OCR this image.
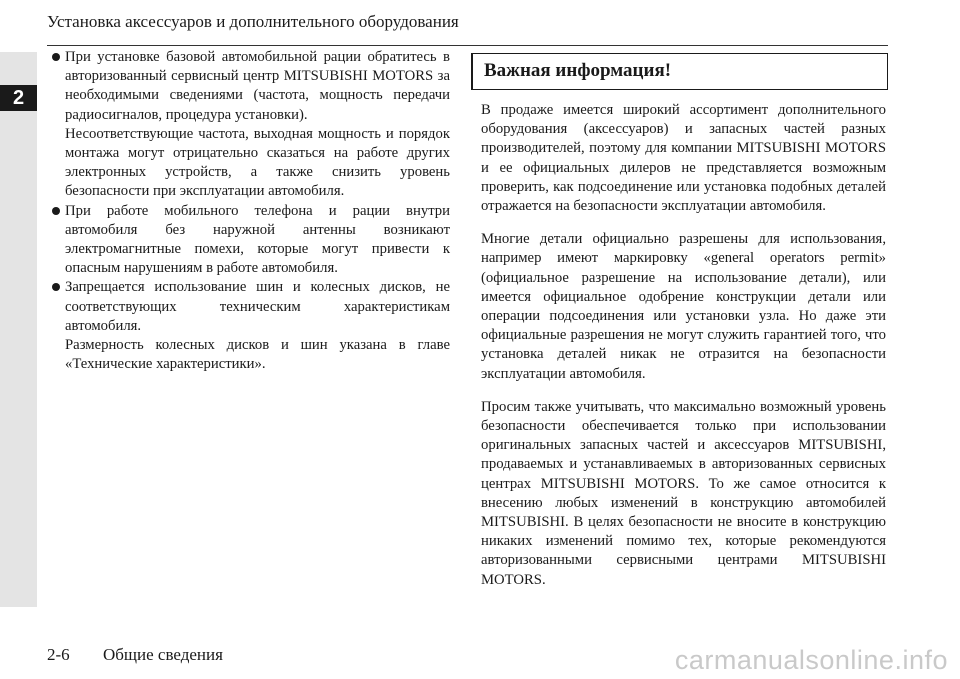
2
Установка аксессуаров и дополнительного оборудования

При установке базовой автомобильной рации обратитесь в авторизованный сервисный центр MITSUBISHI MOTORS за необходимыми сведениями (частота, мощность передачи радиосигналов, процедура установки).

Несоответствующие частота, выходная мощность и порядок монтажа могут отрицательно сказаться на работе других электронных устройств, а также снизить уровень безопасности при эксплуатации автомобиля.

При работе мобильного телефона и рации внутри автомобиля без наружной антенны возникают электромагнитные помехи, которые могут привести к опасным нарушениям в работе автомобиля.

Запрещается использование шин и колесных дисков, не соответствующих техническим характеристикам автомобиля.

Размерность колесных дисков и шин указана в главе «Технические характеристики».

Важная информация!

В продаже имеется широкий ассортимент дополнительного оборудования (аксессуаров) и запасных частей разных производителей, поэтому для компании MITSUBISHI MOTORS и ее официальных дилеров не представляется возможным проверить, как подсоединение или установка подобных деталей отражается на безопасности эксплуатации автомобиля.

Многие детали официально разрешены для использования, например имеют маркировку «general operators permit» (официальное разрешение на использование детали), или имеется официальное одобрение конструкции детали или операции подсоединения или установки узла. Но даже эти официальные разрешения не могут служить гарантией того, что установка деталей никак не отразится на безопасности эксплуатации автомобиля.

Просим также учитывать, что максимально возможный уровень безопасности обеспечивается только при использовании оригинальных запасных частей и аксессуаров MITSUBISHI, продаваемых и устанавливаемых в авторизованных сервисных центрах MITSUBISHI MOTORS. То же самое относится к внесению любых изменений в конструкцию автомобилей MITSUBISHI. В целях безопасности не вносите в конструкцию никаких изменений помимо тех, которые рекомендуются авторизованными сервисными центрами MITSUBISHI MOTORS.

2-6 Общие сведения	carmanualsonline.info
